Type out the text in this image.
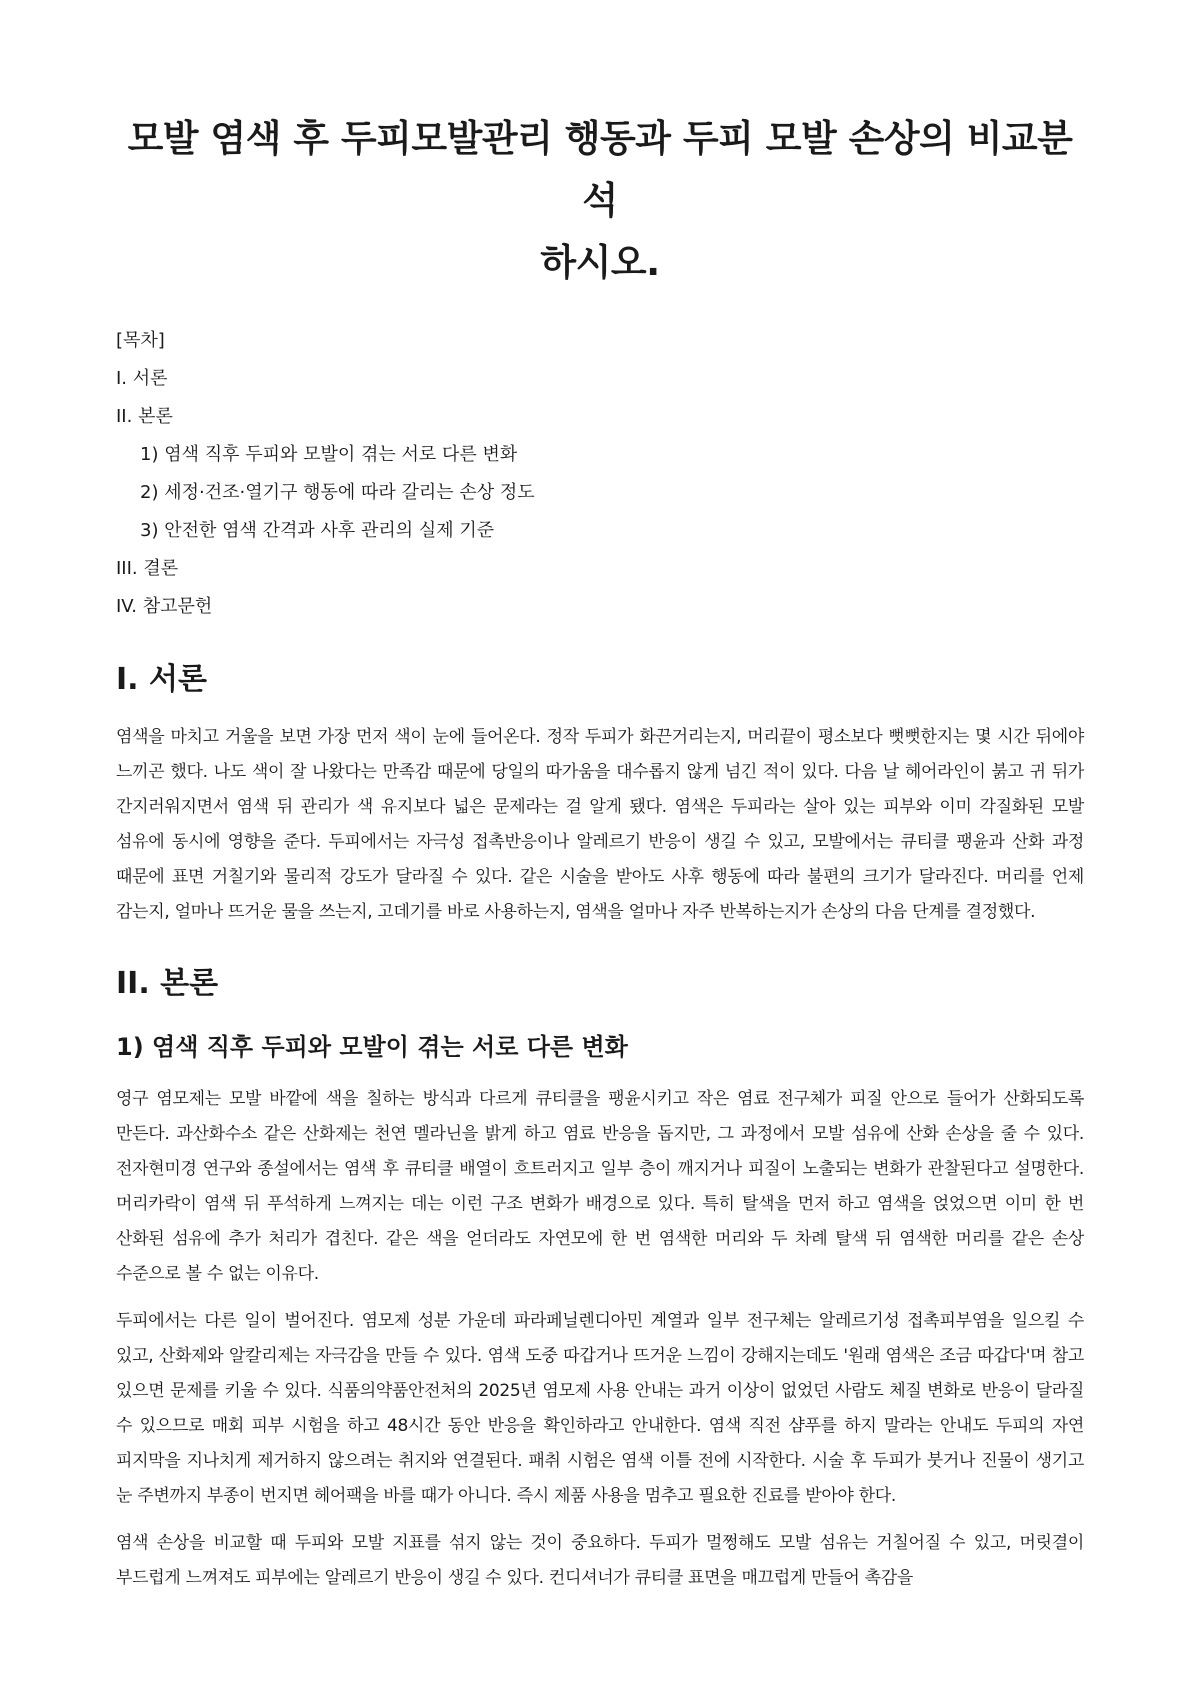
모발 염색 후 두피모발관리 행동과 두피 모발 손상의 비교분석
하시오.
[목차]
I. 서론
II. 본론
1) 염색 직후 두피와 모발이 겪는 서로 다른 변화
2) 세정·건조·열기구 행동에 따라 갈리는 손상 정도
3) 안전한 염색 간격과 사후 관리의 실제 기준
III. 결론
IV. 참고문헌
I. 서론

염색을 마치고 거울을 보면 가장 먼저 색이 눈에 들어온다. 정작 두피가 화끈거리는지, 머리끝이 평소보다 뻣뻣한지는 몇 시간 뒤에야 느끼곤 했다. 나도 색이 잘 나왔다는 만족감 때문에 당일의 따가움을 대수롭지 않게 넘긴 적이 있다. 다음 날 헤어라인이 붉고 귀 뒤가 간지러워지면서 염색 뒤 관리가 색 유지보다 넓은 문제라는 걸 알게 됐다. 염색은 두피라는 살아 있는 피부와 이미 각질화된 모발 섬유에 동시에 영향을 준다. 두피에서는 자극성 접촉반응이나 알레르기 반응이 생길 수 있고, 모발에서는 큐티클 팽윤과 산화 과정 때문에 표면 거칠기와 물리적 강도가 달라질 수 있다. 같은 시술을 받아도 사후 행동에 따라 불편의 크기가 달라진다. 머리를 언제 감는지, 얼마나 뜨거운 물을 쓰는지, 고데기를 바로 사용하는지, 염색을 얼마나 자주 반복하는지가 손상의 다음 단계를 결정했다.

II. 본론
1) 염색 직후 두피와 모발이 겪는 서로 다른 변화

영구 염모제는 모발 바깥에 색을 칠하는 방식과 다르게 큐티클을 팽윤시키고 작은 염료 전구체가 피질 안으로 들어가 산화되도록 만든다. 과산화수소 같은 산화제는 천연 멜라닌을 밝게 하고 염료 반응을 돕지만, 그 과정에서 모발 섬유에 산화 손상을 줄 수 있다. 전자현미경 연구와 종설에서는 염색 후 큐티클 배열이 흐트러지고 일부 층이 깨지거나 피질이 노출되는 변화가 관찰된다고 설명한다. 머리카락이 염색 뒤 푸석하게 느껴지는 데는 이런 구조 변화가 배경으로 있다. 특히 탈색을 먼저 하고 염색을 얹었으면 이미 한 번 산화된 섬유에 추가 처리가 겹친다. 같은 색을 얻더라도 자연모에 한 번 염색한 머리와 두 차례 탈색 뒤 염색한 머리를 같은 손상 수준으로 볼 수 없는 이유다.

두피에서는 다른 일이 벌어진다. 염모제 성분 가운데 파라페닐렌디아민 계열과 일부 전구체는 알레르기성 접촉피부염을 일으킬 수 있고, 산화제와 알칼리제는 자극감을 만들 수 있다. 염색 도중 따갑거나 뜨거운 느낌이 강해지는데도 '원래 염색은 조금 따갑다'며 참고 있으면 문제를 키울 수 있다. 식품의약품안전처의 2025년 염모제 사용 안내는 과거 이상이 없었던 사람도 체질 변화로 반응이 달라질 수 있으므로 매회 피부 시험을 하고 48시간 동안 반응을 확인하라고 안내한다. 염색 직전 샴푸를 하지 말라는 안내도 두피의 자연 피지막을 지나치게 제거하지 않으려는 취지와 연결된다. 패취 시험은 염색 이틀 전에 시작한다. 시술 후 두피가 붓거나 진물이 생기고 눈 주변까지 부종이 번지면 헤어팩을 바를 때가 아니다. 즉시 제품 사용을 멈추고 필요한 진료를 받아야 한다.

염색 손상을 비교할 때 두피와 모발 지표를 섞지 않는 것이 중요하다. 두피가 멀쩡해도 모발 섬유는 거칠어질 수 있고, 머릿결이 부드럽게 느껴져도 피부에는 알레르기 반응이 생길 수 있다. 컨디셔너가 큐티클 표면을 매끄럽게 만들어 촉감을
